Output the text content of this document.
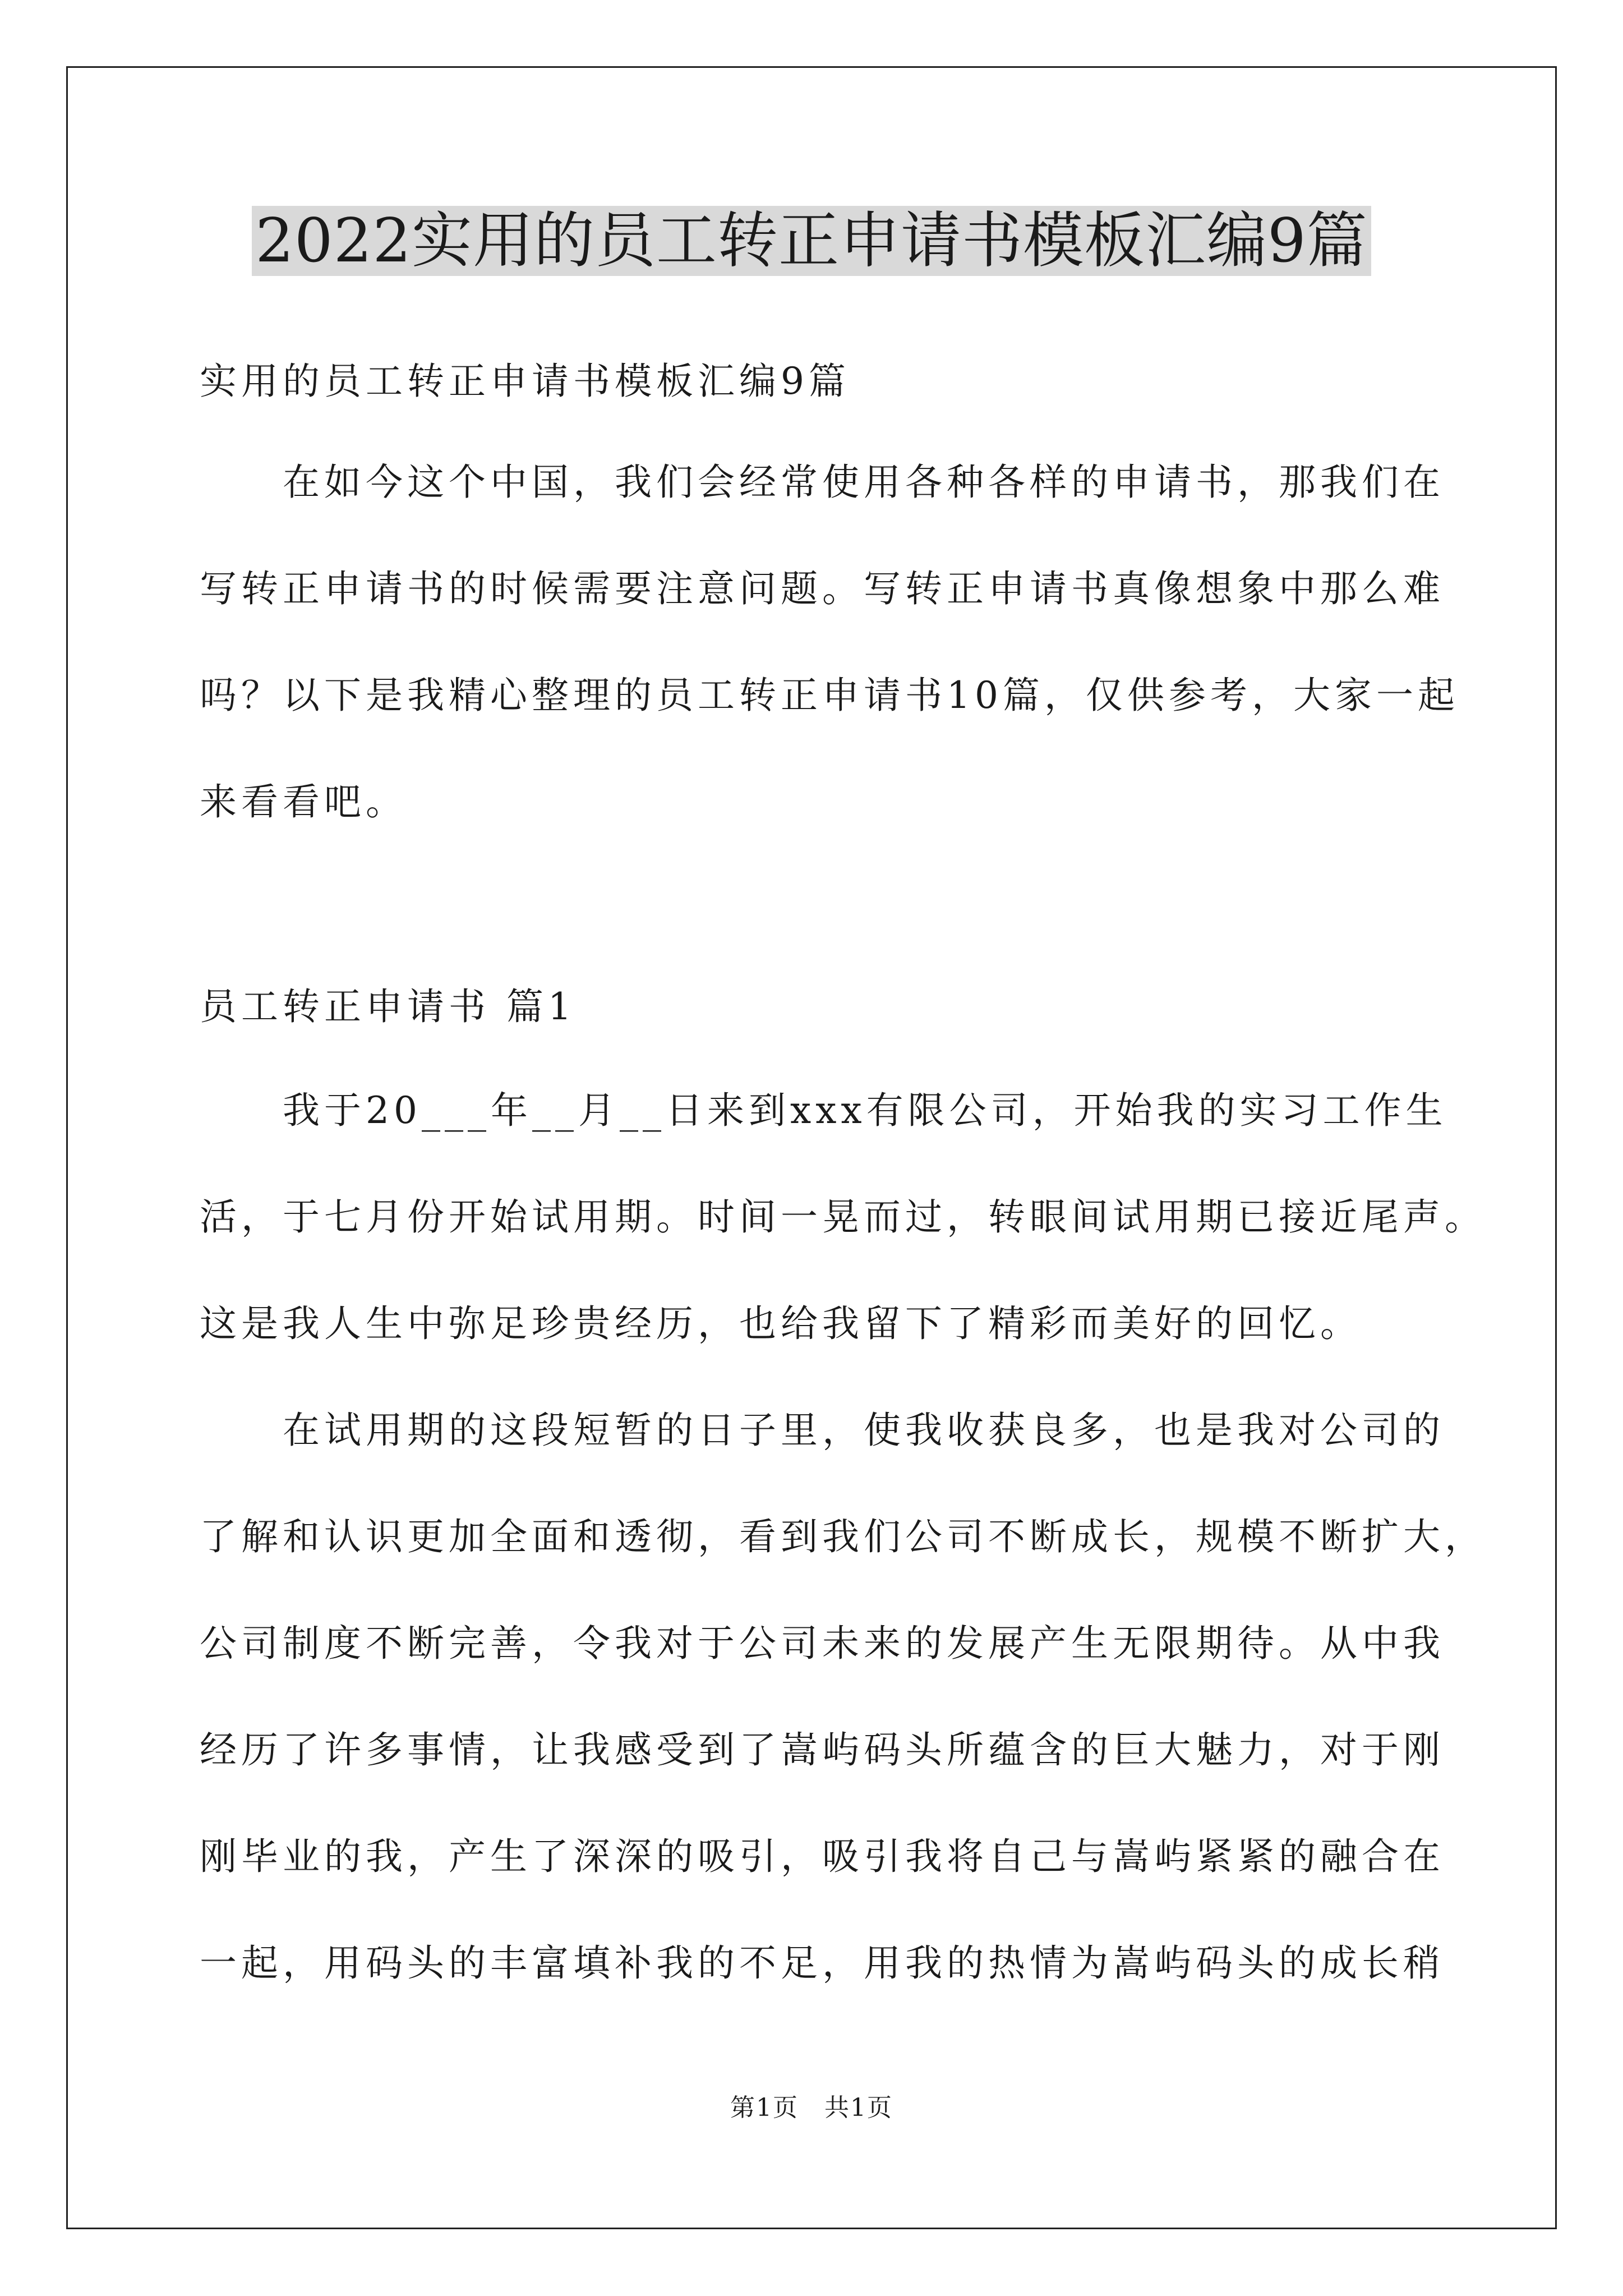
2022实用的员工转正申请书模板汇编9篇
实用的员工转正申请书模板汇编9篇
在如今这个中国，我们会经常使用各种各样的申请书，那我们在
写转正申请书的时候需要注意问题。写转正申请书真像想象中那么难
吗？以下是我精心整理的员工转正申请书10篇，仅供参考，大家一起
来看看吧。
员工转正申请书 篇1
我于20___年__月__日来到xxx有限公司，开始我的实习工作生
活，于七月份开始试用期。时间一晃而过，转眼间试用期已接近尾声。
这是我人生中弥足珍贵经历，也给我留下了精彩而美好的回忆。
在试用期的这段短暂的日子里，使我收获良多，也是我对公司的
了解和认识更加全面和透彻，看到我们公司不断成长，规模不断扩大，
公司制度不断完善，令我对于公司未来的发展产生无限期待。从中我
经历了许多事情，让我感受到了嵩屿码头所蕴含的巨大魅力，对于刚
刚毕业的我，产生了深深的吸引，吸引我将自己与嵩屿紧紧的融合在
一起，用码头的丰富填补我的不足，用我的热情为嵩屿码头的成长稍
第1页　共1页
